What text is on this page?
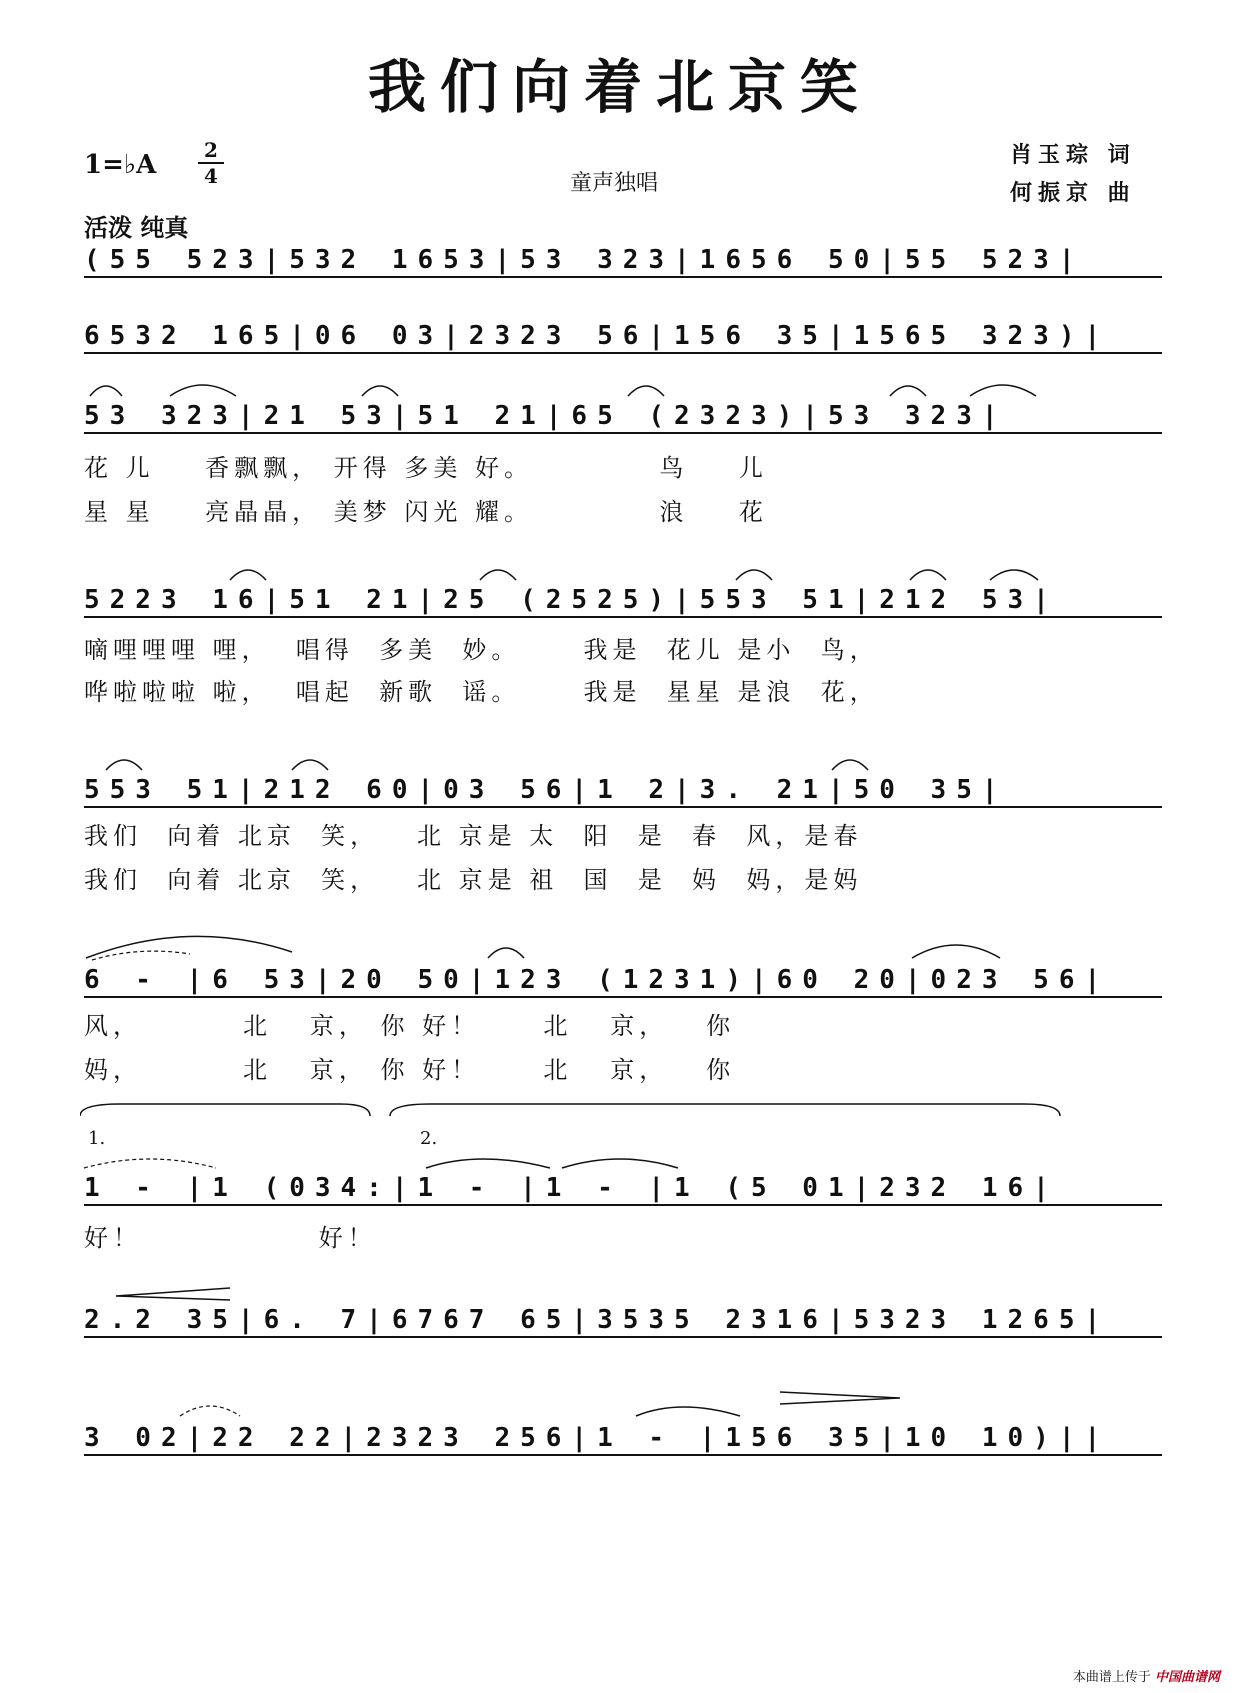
我们向着北京笑
1=♭A	2
4
活泼 纯真
童声独唱
肖玉琮 词
何振京 曲
(55 523|532 1653|53 323|1656 50|55 523|
6532 165|06 03|2323 56|156 35|1565 323)|
53 323|21 53|51 21|65 (2323)|53 323|
花 儿    香飘飘， 开得 多美 好。          鸟    儿
星 星    亮晶晶， 美梦 闪光 耀。          浪    花
5223 16|51 21|25 (2525)|553 51|212 53|
嘀哩哩哩 哩，  唱得  多美  妙。     我是  花儿 是小  鸟，
哗啦啦啦 啦，  唱起  新歌  谣。     我是  星星 是浪  花，
553 51|212 60|03 56|1 2|3. 21|50 35|
我们  向着 北京  笑，   北 京是 太  阳  是  春  风，是春
我们  向着 北京  笑，   北 京是 祖  国  是  妈  妈，是妈
6 - |6 53|20 50|123 (1231)|60 20|023 56|
风，        北   京， 你 好！     北   京，   你
妈，        北   京， 你 好！     北   京，   你
1.	2.
1 - |1 (034:|1 - |1 - |1 (5 01|232 16|
好！              好！
2.2 35|6. 7|6767 65|3535 2316|5323 1265|
3 02|22 22|2323 256|1 - |156 35|10 10)||
本曲谱上传于 中国曲谱网
